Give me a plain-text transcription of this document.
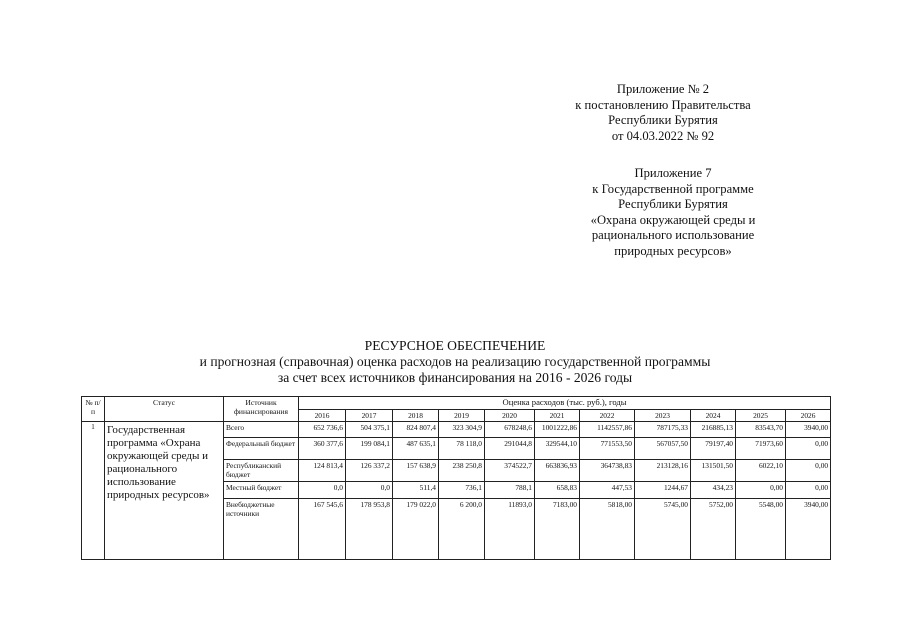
Приложение № 2
к постановлению Правительства
Республики Бурятия
от 04.03.2022 № 92
Приложение 7
к Государственной программе
Республики Бурятия
«Охрана окружающей среды и
рационального использование
природных ресурсов»
РЕСУРСНОЕ ОБЕСПЕЧЕНИЕ
и прогнозная (справочная) оценка расходов на реализацию государственной программы
за счет всех источников финансирования на 2016 - 2026 годы
№ п/п	Статус	Источник финансирования	Оценка расходов (тыс. руб.), годы										
			2016	2017	2018	2019	2020	2021	2022	2023	2024	2025	2026
1	Государственная программа «Охрана окружающей среды и рационального использование природных ресурсов»	Всего	652 736,6	504 375,1	824 807,4	323 304,9	678248,6	1001222,86	1142557,86	787175,33	216885,13	83543,70	3940,00
		Федеральный бюджет	360 377,6	199 084,1	487 635,1	78 118,0	291044,8	329544,10	771553,50	567057,50	79197,40	71973,60	0,00
		Республиканский бюджет	124 813,4	126 337,2	157 638,9	238 250,8	374522,7	663836,93	364738,83	213128,16	131501,50	6022,10	0,00
		Местный бюджет	0,0	0,0	511,4	736,1	788,1	658,83	447,53	1244,67	434,23	0,00	0,00
		Внебюджетные источники	167 545,6	178 953,8	179 022,0	6 200,0	11893,0	7183,00	5818,00	5745,00	5752,00	5548,00	3940,00
